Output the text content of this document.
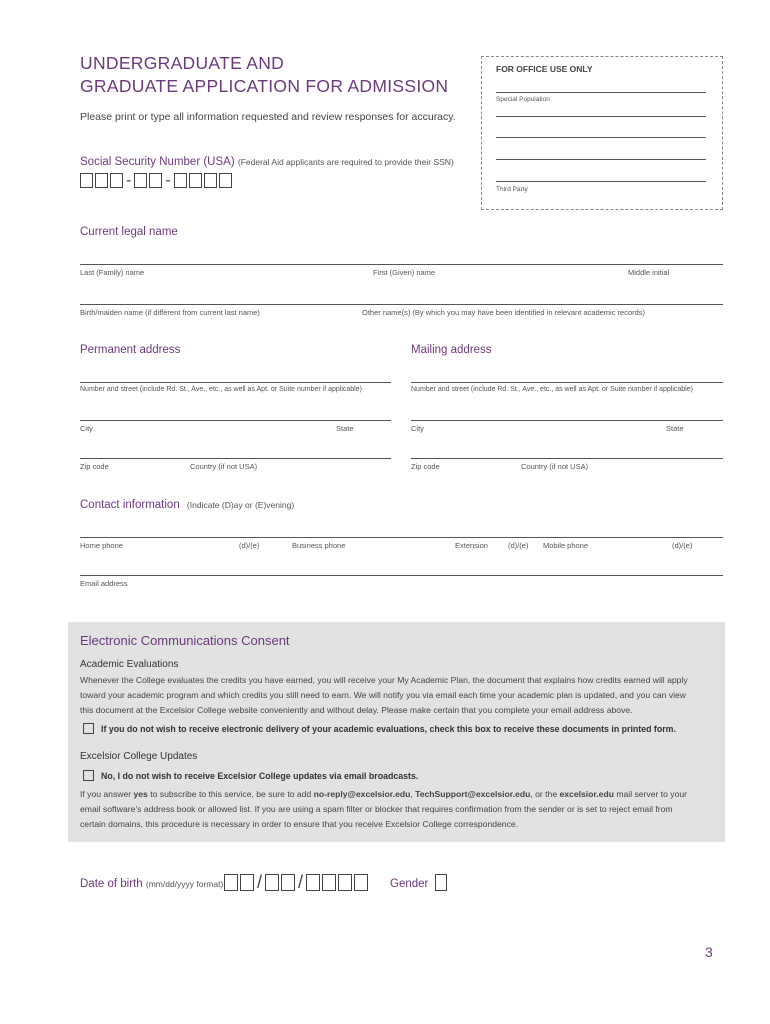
UNDERGRADUATE AND
GRADUATE APPLICATION FOR ADMISSION
Please print or type all information requested and review responses for accuracy.
FOR OFFICE USE ONLY
Special Population
Third Party
Social Security Number (USA) (Federal Aid applicants are required to provide their SSN)
- -
Current legal name
Last (Family) name	First (Given) name	Middle initial
Birth/maiden name (if different from current last name)	Other name(s) (By which you may have been identified in relevant academic records)
Permanent address
Number and street (include Rd. St., Ave., etc., as well as Apt. or Suite number if applicable)
City	State
Zip code	Country (if not USA)
Mailing address
Number and street (include Rd. St., Ave., etc., as well as Apt. or Suite number if applicable)
City	State
Zip code	Country (if not USA)
Contact information (Indicate (D)ay or (E)vening)
Home phone	(d)/(e)	Business phone	Extension	(d)/(e) Mobile phone	(d)/(e)
Email address
Electronic Communications Consent
Academic Evaluations
Whenever the College evaluates the credits you have earned, you will receive your My Academic Plan, the document that explains how credits earned will apply toward your academic program and which credits you still need to earn. We will notify you via email each time your academic plan is updated, and you can view this document at the Excelsior College website conveniently and without delay. Please make certain that you complete your email address above.
If you do not wish to receive electronic delivery of your academic evaluations, check this box to receive these documents in printed form.
Excelsior College Updates
No, I do not wish to receive Excelsior College updates via email broadcasts.
If you answer yes to subscribe to this service, be sure to add no-reply@excelsior.edu, TechSupport@excelsior.edu, or the excelsior.edu mail server to your email software’s address book or allowed list. If you are using a spam filter or blocker that requires confirmation from the sender or is set to reject email from certain domains, this procedure is necessary in order to ensure that you receive Excelsior College correspondence.
Date of birth (mm/dd/yyyy format) / /	Gender
3
